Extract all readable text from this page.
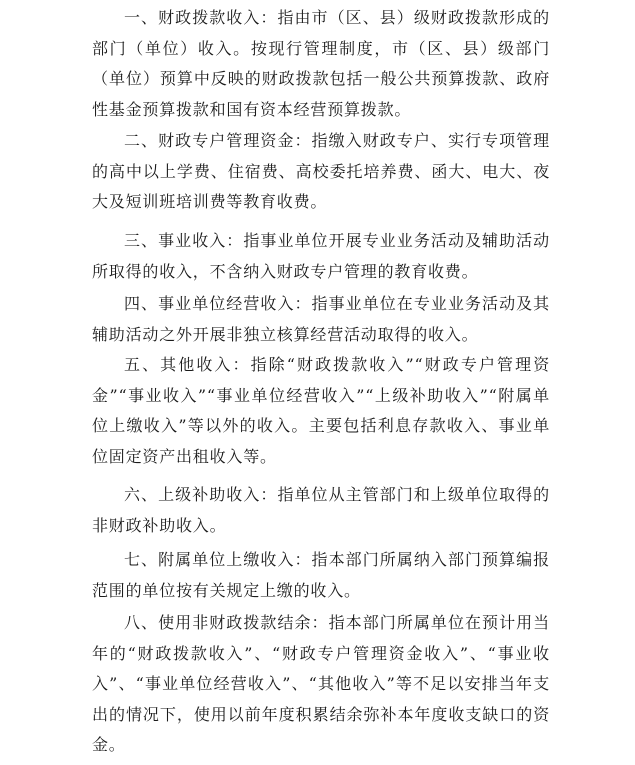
一、财政拨款收入：指由市（区、县）级财政拨款形成的部门（单位）收入。按现行管理制度，市（区、县）级部门（单位）预算中反映的财政拨款包括一般公共预算拨款、政府性基金预算拨款和国有资本经营预算拨款。

二、财政专户管理资金：指缴入财政专户、实行专项管理的高中以上学费、住宿费、高校委托培养费、函大、电大、夜大及短训班培训费等教育收费。

三、事业收入：指事业单位开展专业业务活动及辅助活动所取得的收入，不含纳入财政专户管理的教育收费。

四、事业单位经营收入：指事业单位在专业业务活动及其辅助活动之外开展非独立核算经营活动取得的收入。

五、其他收入：指除“财政拨款收入”“财政专户管理资金”“事业收入”“事业单位经营收入”“上级补助收入”“附属单位上缴收入”等以外的收入。主要包括利息存款收入、事业单位固定资产出租收入等。

六、上级补助收入：指单位从主管部门和上级单位取得的非财政补助收入。

七、附属单位上缴收入：指本部门所属纳入部门预算编报范围的单位按有关规定上缴的收入。

八、使用非财政拨款结余：指本部门所属单位在预计用当年的“财政拨款收入”、“财政专户管理资金收入”、“事业收入”、“事业单位经营收入”、“其他收入”等不足以安排当年支出的情况下，使用以前年度积累结余弥补本年度收支缺口的资金。
